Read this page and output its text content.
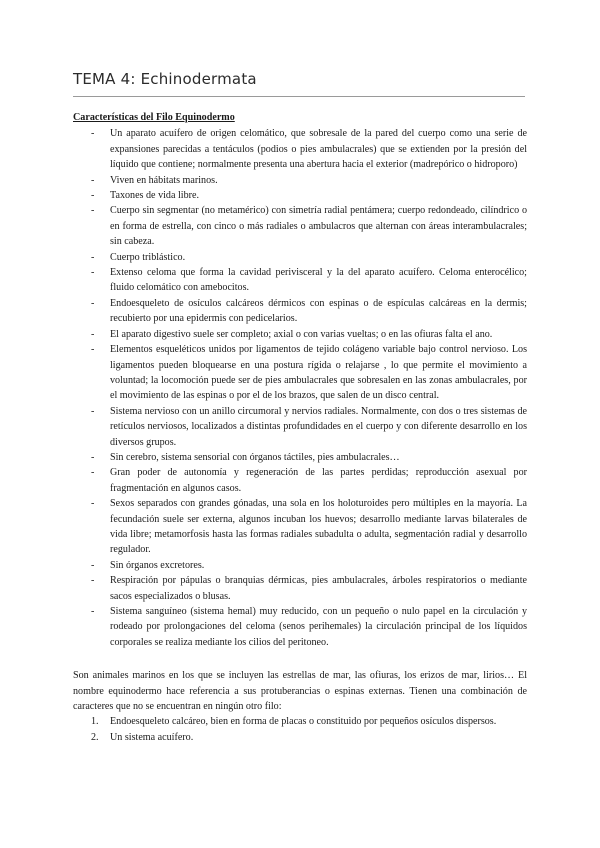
TEMA 4: Echinodermata
Características del Filo Equinodermo
- Un aparato acuífero de origen celomático, que sobresale de la pared del cuerpo como una serie de expansiones parecidas a tentáculos (podios o pies ambulacrales) que se extienden por la presión del líquido que contiene; normalmente presenta una abertura hacia el exterior (madrepórico o hidroporo)
- Viven en hábitats marinos.
- Taxones de vida libre.
- Cuerpo sin segmentar (no metamérico) con simetría radial pentámera; cuerpo redondeado, cilíndrico o en forma de estrella, con cinco o más radiales o ambulacros que alternan con áreas interambulacrales; sin cabeza.
- Cuerpo triblástico.
- Extenso celoma que forma la cavidad perivisceral y la del aparato acuífero. Celoma enterocélico; fluido celomático con amebocitos.
- Endoesqueleto de osículos calcáreos dérmicos con espinas o de espículas calcáreas en la dermis; recubierto por una epidermis con pedicelarios.
- El aparato digestivo suele ser completo; axial o con varias vueltas; o en las ofiuras falta el ano.
- Elementos esqueléticos unidos por ligamentos de tejido colágeno variable bajo control nervioso. Los ligamentos pueden bloquearse en una postura rígida o relajarse , lo que permite el movimiento a voluntad; la locomoción puede ser de pies ambulacrales que sobresalen en las zonas ambulacrales, por el movimiento de las espinas o por el de los brazos, que salen de un disco central.
- Sistema nervioso con un anillo circumoral y nervios radiales. Normalmente, con dos o tres sistemas de retículos nerviosos, localizados a distintas profundidades en el cuerpo y con diferente desarrollo en los diversos grupos.
- Sin cerebro, sistema sensorial con órganos táctiles, pies ambulacrales…
- Gran poder de autonomía y regeneración de las partes perdidas; reproducción asexual por fragmentación en algunos casos.
- Sexos separados con grandes gónadas, una sola en los holoturoides pero múltiples en la mayoría. La fecundación suele ser externa, algunos incuban los huevos; desarrollo mediante larvas bilaterales de vida libre; metamorfosis hasta las formas radiales subadulta o adulta, segmentación radial y desarrollo regulador.
- Sin órganos excretores.
- Respiración por pápulas o branquias dérmicas, pies ambulacrales, árboles respiratorios o mediante sacos especializados o blusas.
- Sistema sanguíneo (sistema hemal) muy reducido, con un pequeño o nulo papel en la circulación y rodeado por prolongaciones del celoma (senos perihemales) la circulación principal de los líquidos corporales se realiza mediante los cilios del peritoneo.

Son animales marinos en los que se incluyen las estrellas de mar, las ofiuras, los erizos de mar, lirios… El nombre equinodermo hace referencia a sus protuberancias o espinas externas. Tienen una combinación de caracteres que no se encuentran en ningún otro filo:

1. Endoesqueleto calcáreo, bien en forma de placas o constituido por pequeños osículos dispersos.
2. Un sistema acuífero.
